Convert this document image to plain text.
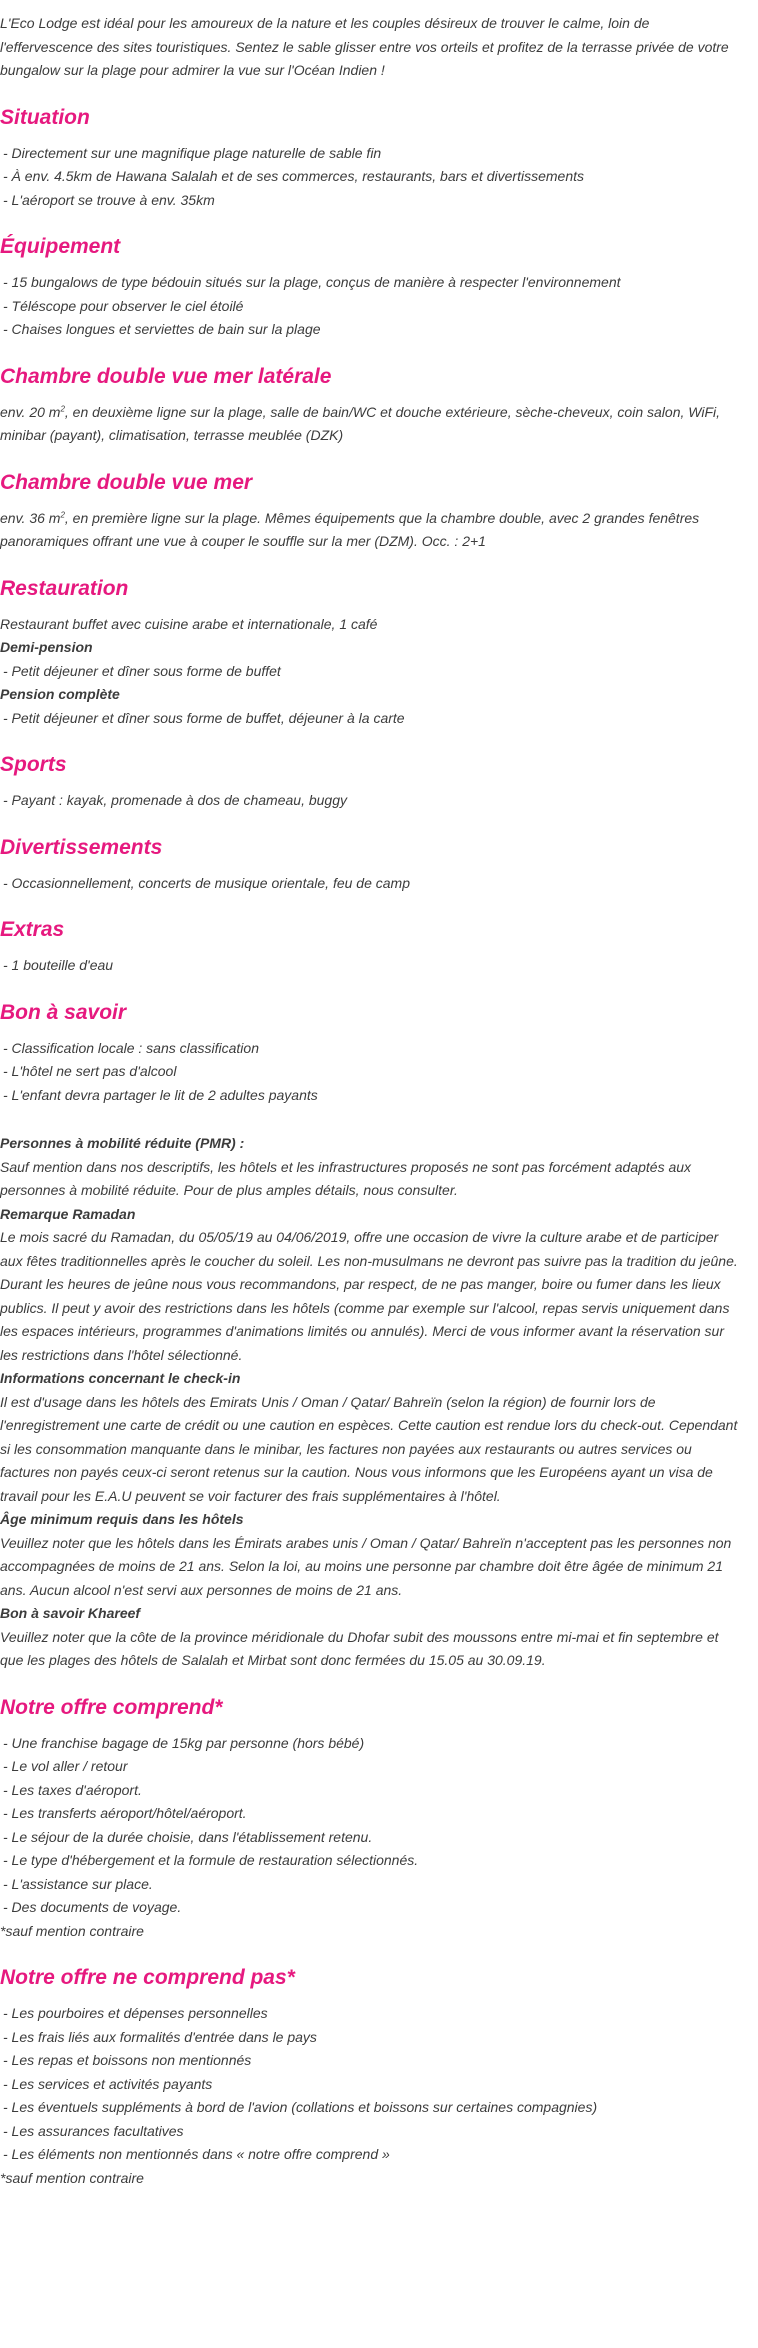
L'Eco Lodge est idéal pour les amoureux de la nature et les couples désireux de trouver le calme, loin de l'effervescence des sites touristiques. Sentez le sable glisser entre vos orteils et profitez de la terrasse privée de votre bungalow sur la plage pour admirer la vue sur l'Océan Indien !

Situation
- Directement sur une magnifique plage naturelle de sable fin
- À env. 4.5km de Hawana Salalah et de ses commerces, restaurants, bars et divertissements
- L'aéroport se trouve à env. 35km
Équipement
- 15 bungalows de type bédouin situés sur la plage, conçus de manière à respecter l'environnement
- Téléscope pour observer le ciel étoilé
- Chaises longues et serviettes de bain sur la plage
Chambre double vue mer latérale

env. 20 $m^2$, en deuxième ligne sur la plage, salle de bain/WC et douche extérieure, sèche-cheveux, coin salon, WiFi, minibar (payant), climatisation, terrasse meublée (DZK)

Chambre double vue mer

env. 36 $m^2$, en première ligne sur la plage. Mêmes équipements que la chambre double, avec 2 grandes fenêtres panoramiques offrant une vue à couper le souffle sur la mer (DZM). Occ. : 2+1

Restauration
Restaurant buffet avec cuisine arabe et internationale, 1 café
Demi-pension
- Petit déjeuner et dîner sous forme de buffet
Pension complète
- Petit déjeuner et dîner sous forme de buffet, déjeuner à la carte
Sports
- Payant : kayak, promenade à dos de chameau, buggy
Divertissements
- Occasionnellement, concerts de musique orientale, feu de camp
Extras
- 1 bouteille d'eau
Bon à savoir
- Classification locale : sans classification
- L'hôtel ne sert pas d'alcool
- L'enfant devra partager le lit de 2 adultes payants
Personnes à mobilité réduite (PMR) :

Sauf mention dans nos descriptifs, les hôtels et les infrastructures proposés ne sont pas forcément adaptés aux personnes à mobilité réduite. Pour de plus amples détails, nous consulter.

Remarque Ramadan

Le mois sacré du Ramadan, du 05/05/19 au 04/06/2019, offre une occasion de vivre la culture arabe et de participer aux fêtes traditionnelles après le coucher du soleil. Les non-musulmans ne devront pas suivre pas la tradition du jeûne. Durant les heures de jeûne nous vous recommandons, par respect, de ne pas manger, boire ou fumer dans les lieux publics. Il peut y avoir des restrictions dans les hôtels (comme par exemple sur l'alcool, repas servis uniquement dans les espaces intérieurs, programmes d'animations limités ou annulés). Merci de vous informer avant la réservation sur les restrictions dans l'hôtel sélectionné.

Informations concernant le check-in

Il est d'usage dans les hôtels des Emirats Unis / Oman / Qatar/ Bahreïn (selon la région) de fournir lors de l'enregistrement une carte de crédit ou une caution en espèces. Cette caution est rendue lors du check-out. Cependant si les consommation manquante dans le minibar, les factures non payées aux restaurants ou autres services ou factures non payés ceux-ci seront retenus sur la caution. Nous vous informons que les Européens ayant un visa de travail pour les E.A.U peuvent se voir facturer des frais supplémentaires à l'hôtel.

Âge minimum requis dans les hôtels

Veuillez noter que les hôtels dans les Émirats arabes unis / Oman / Qatar/ Bahreïn n'acceptent pas les personnes non accompagnées de moins de 21 ans. Selon la loi, au moins une personne par chambre doit être âgée de minimum 21 ans. Aucun alcool n'est servi aux personnes de moins de 21 ans.

Bon à savoir Khareef

Veuillez noter que la côte de la province méridionale du Dhofar subit des moussons entre mi-mai et fin septembre et que les plages des hôtels de Salalah et Mirbat sont donc fermées du 15.05 au 30.09.19.

Notre offre comprend*
- Une franchise bagage de 15kg par personne (hors bébé)
- Le vol aller / retour
- Les taxes d'aéroport.
- Les transferts aéroport/hôtel/aéroport.
- Le séjour de la durée choisie, dans l'établissement retenu.
- Le type d'hébergement et la formule de restauration sélectionnés.
- L'assistance sur place.
- Des documents de voyage.
*sauf mention contraire
Notre offre ne comprend pas*
- Les pourboires et dépenses personnelles
- Les frais liés aux formalités d'entrée dans le pays
- Les repas et boissons non mentionnés
- Les services et activités payants
- Les éventuels suppléments à bord de l'avion (collations et boissons sur certaines compagnies)
- Les assurances facultatives
- Les éléments non mentionnés dans « notre offre comprend »
*sauf mention contraire
